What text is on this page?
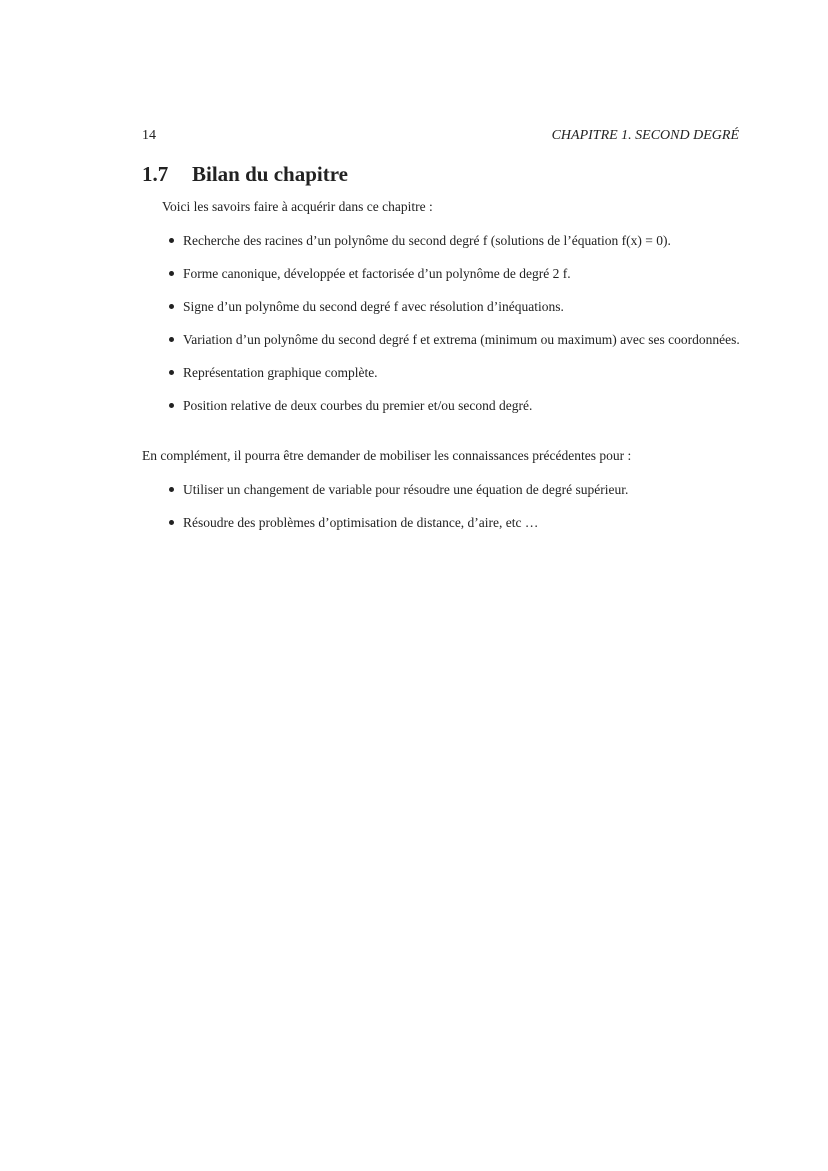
14	CHAPITRE 1. SECOND DEGRÉ
1.7 Bilan du chapitre
Voici les savoirs faire à acquérir dans ce chapitre :
Recherche des racines d’un polynôme du second degré f (solutions de l’équation f(x) = 0).
Forme canonique, développée et factorisée d’un polynôme de degré 2 f.
Signe d’un polynôme du second degré f avec résolution d’inéquations.
Variation d’un polynôme du second degré f et extrema (minimum ou maximum) avec ses coordonnées.
Représentation graphique complète.
Position relative de deux courbes du premier et/ou second degré.
En complément, il pourra être demander de mobiliser les connaissances précédentes pour :
Utiliser un changement de variable pour résoudre une équation de degré supérieur.
Résoudre des problèmes d’optimisation de distance, d’aire, etc …
